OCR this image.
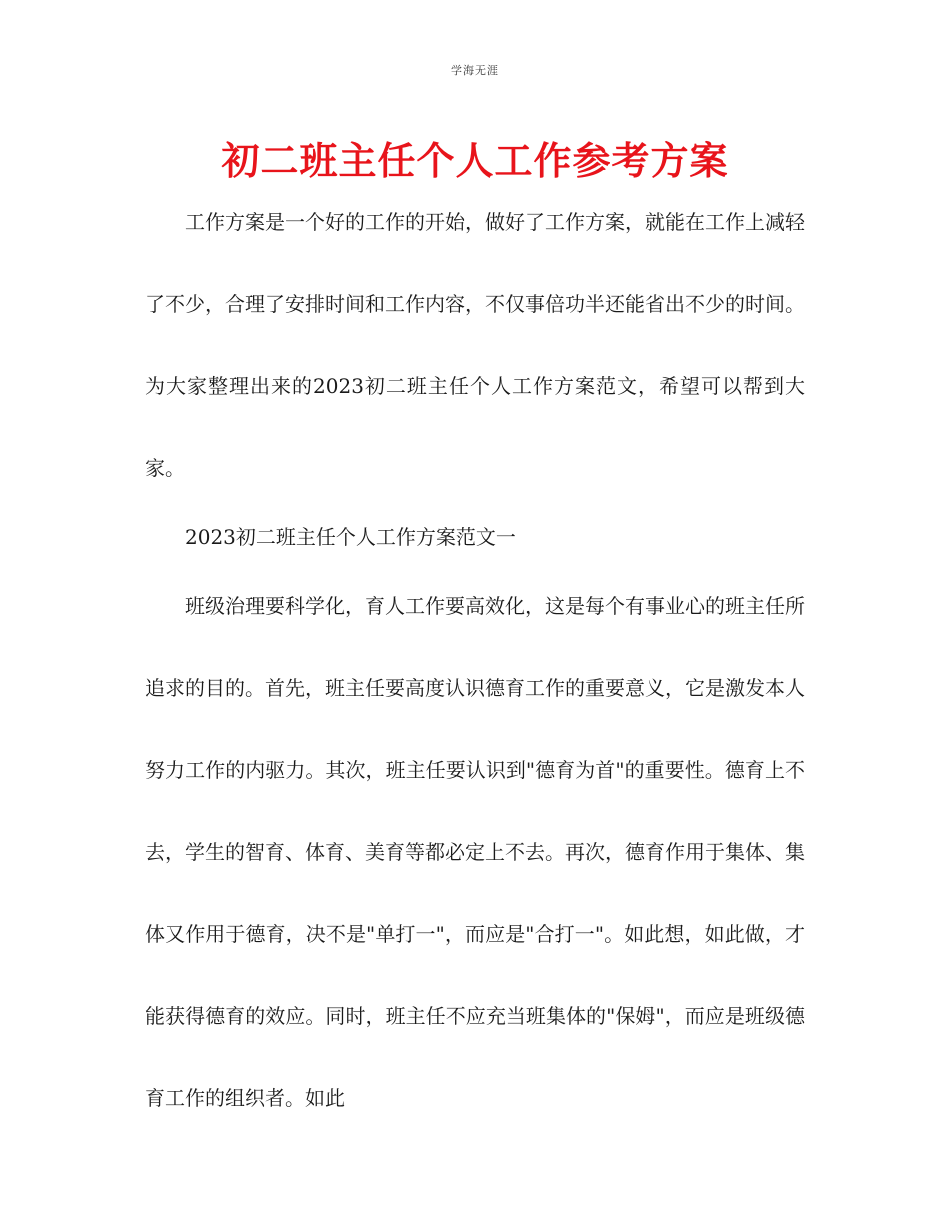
学海无涯
初二班主任个人工作参考方案

工作方案是一个好的工作的开始，做好了工作方案，就能在工作上减轻了不少，合理了安排时间和工作内容，不仅事倍功半还能省出不少的时间。为大家整理出来的2023初二班主任个人工作方案范文，希望可以帮到大家。

2023初二班主任个人工作方案范文一

班级治理要科学化，育人工作要高效化，这是每个有事业心的班主任所追求的目的。首先，班主任要高度认识德育工作的重要意义，它是激发本人努力工作的内驱力。其次，班主任要认识到"德育为首"的重要性。德育上不去，学生的智育、体育、美育等都必定上不去。再次，德育作用于集体、集体又作用于德育，决不是"单打一"，而应是"合打一"。如此想，如此做，才能获得德育的效应。同时，班主任不应充当班集体的"保姆"，而应是班级德育工作的组织者。如此
